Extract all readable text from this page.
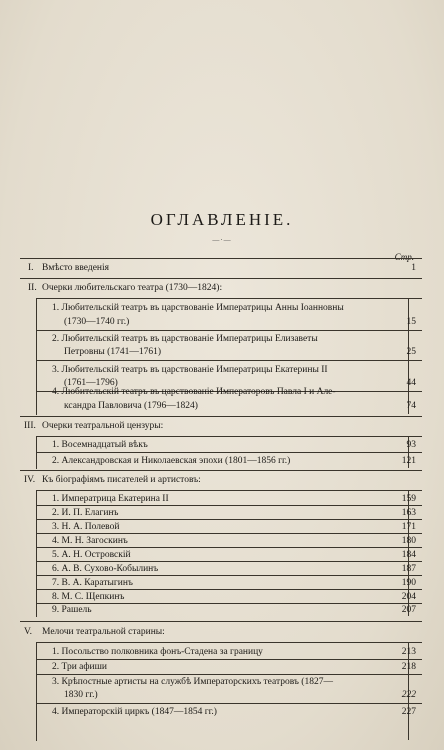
ОГЛАВЛЕНІЕ.
—·—
Стр.
I. Вмѣсто введенія	1
II. Очерки любительскаго театра (1730—1824):
1. Любительскій театръ въ царствованіе Императрицы Анны Іоанновны
(1730—1740 гг.)	15
2. Любительскій театръ въ царствованіе Императрицы Елизаветы
Петровны (1741—1761)	25
3. Любительскій театръ въ царствованіе Императрицы Екатерины II
(1761—1796)	44
4. Любительскій театръ въ царствованіе Императоровъ Павла I и Але-
ксандра Павловича (1796—1824)	74
III. Очерки театральной цензуры:
1. Восемнадцатый вѣкъ	93
2. Александровская и Николаевская эпохи (1801—1856 гг.)	121
IV. Къ біографіямъ писателей и артистовъ:
1. Императрица Екатерина II	159
2. И. П. Елагинъ	163
3. Н. А. Полевой	171
4. М. Н. Загоскинъ	180
5. А. Н. Островскій	184
6. А. В. Сухово-Кобылинъ	187
7. В. А. Каратыгинъ	190
8. М. С. Щепкинъ	204
9. Рашель	207
V. Мелочи театральной старины:
1. Посольство полковника фонъ-Стадена за границу	213
2. Три афиши	218
3. Крѣпостные артисты на службѣ Императорскихъ театровъ (1827—
1830 гг.)	222
4. Императорскій циркъ (1847—1854 гг.)	227
